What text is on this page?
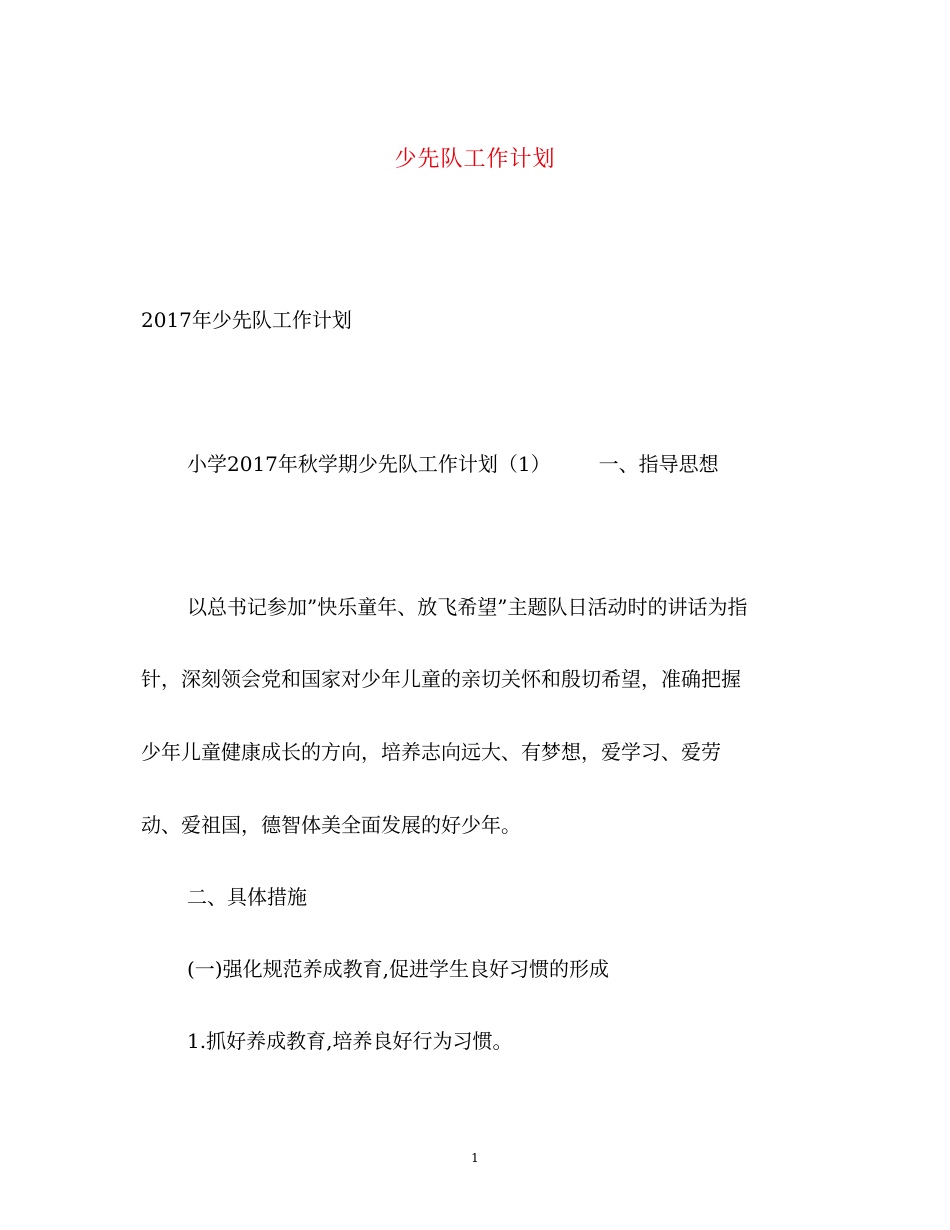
少先队工作计划
2017年少先队工作计划
小学2017年秋学期少先队工作计划（1） 一、指导思想
以总书记参加”快乐童年、放飞希望”主题队日活动时的讲话为指
针，深刻领会党和国家对少年儿童的亲切关怀和殷切希望，准确把握
少年儿童健康成长的方向，培养志向远大、有梦想，爱学习、爱劳
动、爱祖国，德智体美全面发展的好少年。
二、具体措施
(一)强化规范养成教育,促进学生良好习惯的形成
1.抓好养成教育,培养良好行为习惯。
1
